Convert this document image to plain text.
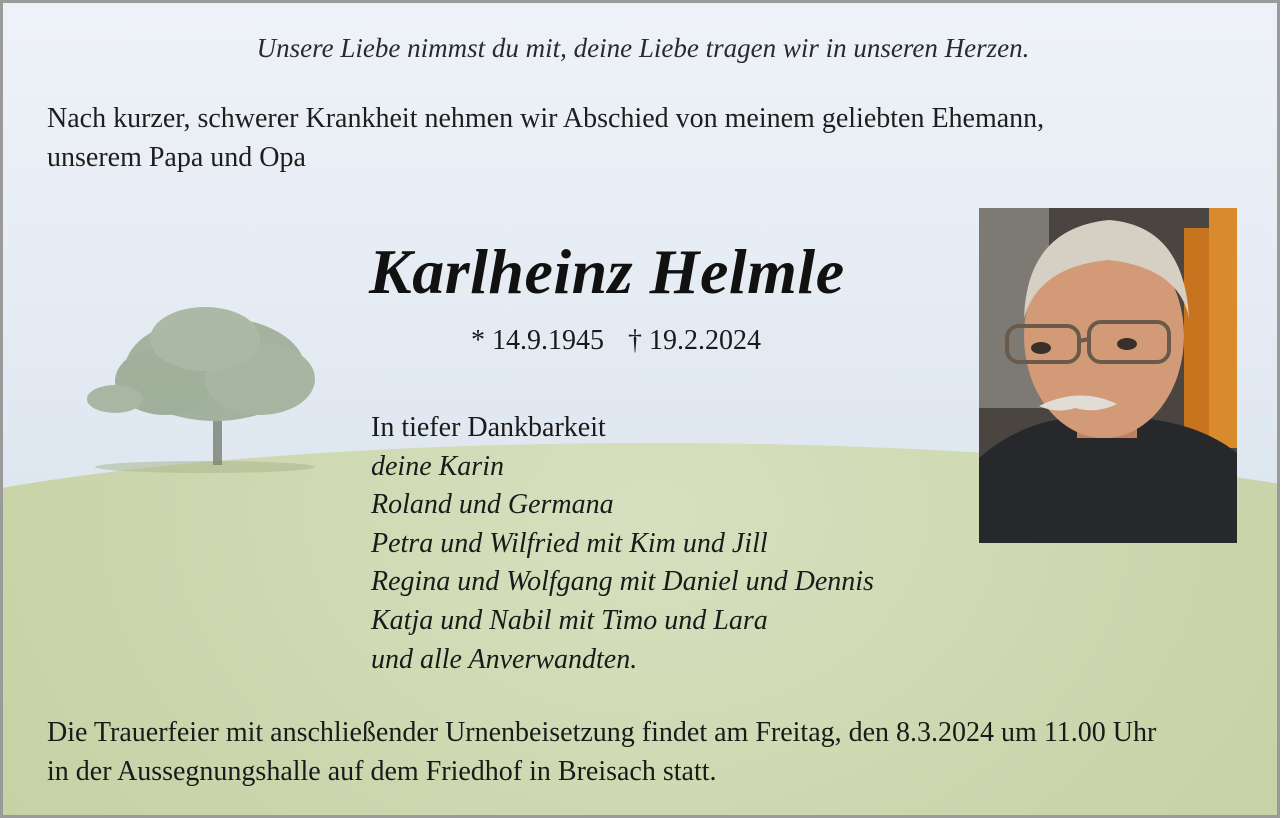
Unsere Liebe nimmst du mit, deine Liebe tragen wir in unseren Herzen.
Nach kurzer, schwerer Krankheit nehmen wir Abschied von meinem geliebten Ehemann,
unserem Papa und Opa
Karlheinz Helmle
* 14.9.1945 † 19.2.2024
In tiefer Dankbarkeit
deine Karin
Roland und Germana
Petra und Wilfried mit Kim und Jill
Regina und Wolfgang mit Daniel und Dennis
Katja und Nabil mit Timo und Lara
und alle Anverwandten.
Die Trauerfeier mit anschließender Urnenbeisetzung findet am Freitag, den 8.3.2024 um 11.00 Uhr
in der Aussegnungshalle auf dem Friedhof in Breisach statt.
